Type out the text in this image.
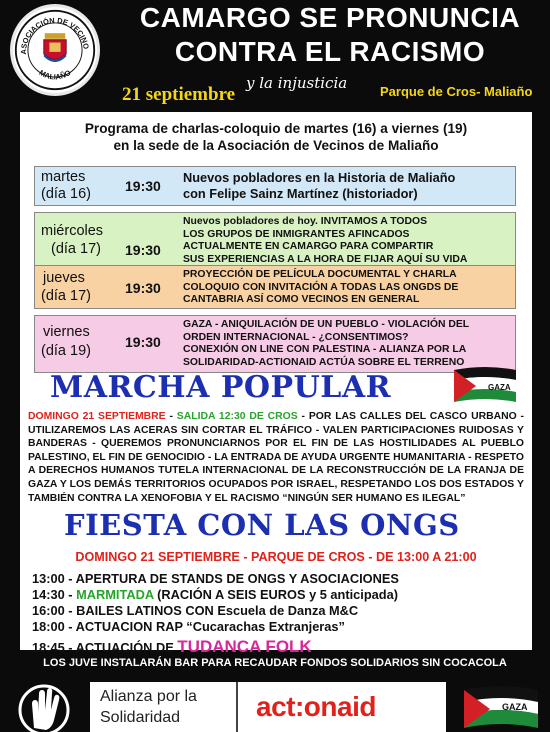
ASOCIACIÓN DE VECINO
MALIAÑO
CAMARGO SE PRONUNCIA
CONTRA EL RACISMO
21 septiembre
y la injusticia	Parque de Cros- Maliaño
Programa de charlas-coloquio de martes (16) a viernes (19)
en la sede de la Asociación de Vecinos de Maliaño
martes
(día 16) 19:30
Nuevos pobladores en la Historia de Maliaño
con Felipe Sainz Martínez (historiador)
miércoles
(día 17) 19:30
Nuevos pobladores de hoy. INVITAMOS A TODOS
LOS GRUPOS DE INMIGRANTES AFINCADOS
ACTUALMENTE EN CAMARGO PARA COMPARTIR
SUS EXPERIENCIAS A LA HORA DE FIJAR AQUÍ SU VIDA
jueves
(día 17) 19:30
PROYECCIÓN DE PELÍCULA DOCUMENTAL Y CHARLA
COLOQUIO CON INVITACIÓN A TODAS LAS ONGDS DE
CANTABRIA ASÍ COMO VECINOS EN GENERAL
viernes
(día 19)
19:30
GAZA - ANIQUILACIÓN DE UN PUEBLO - VIOLACIÓN DEL
ORDEN INTERNACIONAL - ¿CONSENTIMOS?
CONEXIÓN ON LINE CON PALESTINA - ALIANZA POR LA
SOLIDARIDAD-ACTIONAID ACTÚA SOBRE EL TERRENO
MARCHA POPULAR	GAZA
DOMINGO 21 SEPTIEMBRE - SALIDA 12:30 DE CROS - POR LAS CALLES DEL CASCO URBANO - UTILIZAREMOS LAS ACERAS SIN CORTAR EL TRÁFICO - VALEN PARTICIPACIONES RUIDOSAS Y BANDERAS - QUEREMOS PRONUNCIARNOS POR EL FIN DE LAS HOSTILIDADES AL PUEBLO PALESTINO, EL FIN DE GENOCIDIO - LA ENTRADA DE AYUDA URGENTE HUMANITARIA - RESPETO A DERECHOS HUMANOS TUTELA INTERNACIONAL DE LA RECONSTRUCCIÓN DE LA FRANJA DE GAZA Y LOS DEMÁS TERRITORIOS OCUPADOS POR ISRAEL, RESPETANDO LOS DOS ESTADOS Y TAMBIÉN CONTRA LA XENOFOBIA Y EL RACISMO “NINGÚN SER HUMANO ES ILEGAL”
FIESTA CON LAS ONGS
DOMINGO 21 SEPTIEMBRE - PARQUE DE CROS - DE 13:00 A 21:00
13:00 - APERTURA DE STANDS DE ONGS Y ASOCIACIONES
14:30 - MARMITADA (RACIÓN A SEIS EUROS y 5 anticipada)
16:00 - BAILES LATINOS CON Escuela de Danza M&C
18:00 - ACTUACION RAP “Cucarachas Extranjeras”
18:45 - ACTUACIÓN DE TUDANCA FOLK
LOS JUVE INSTALARÁN BAR PARA RECAUDAR FONDOS SOLIDARIOS SIN COCACOLA
Alianza por la
Solidaridad	act:onaid	GAZA
